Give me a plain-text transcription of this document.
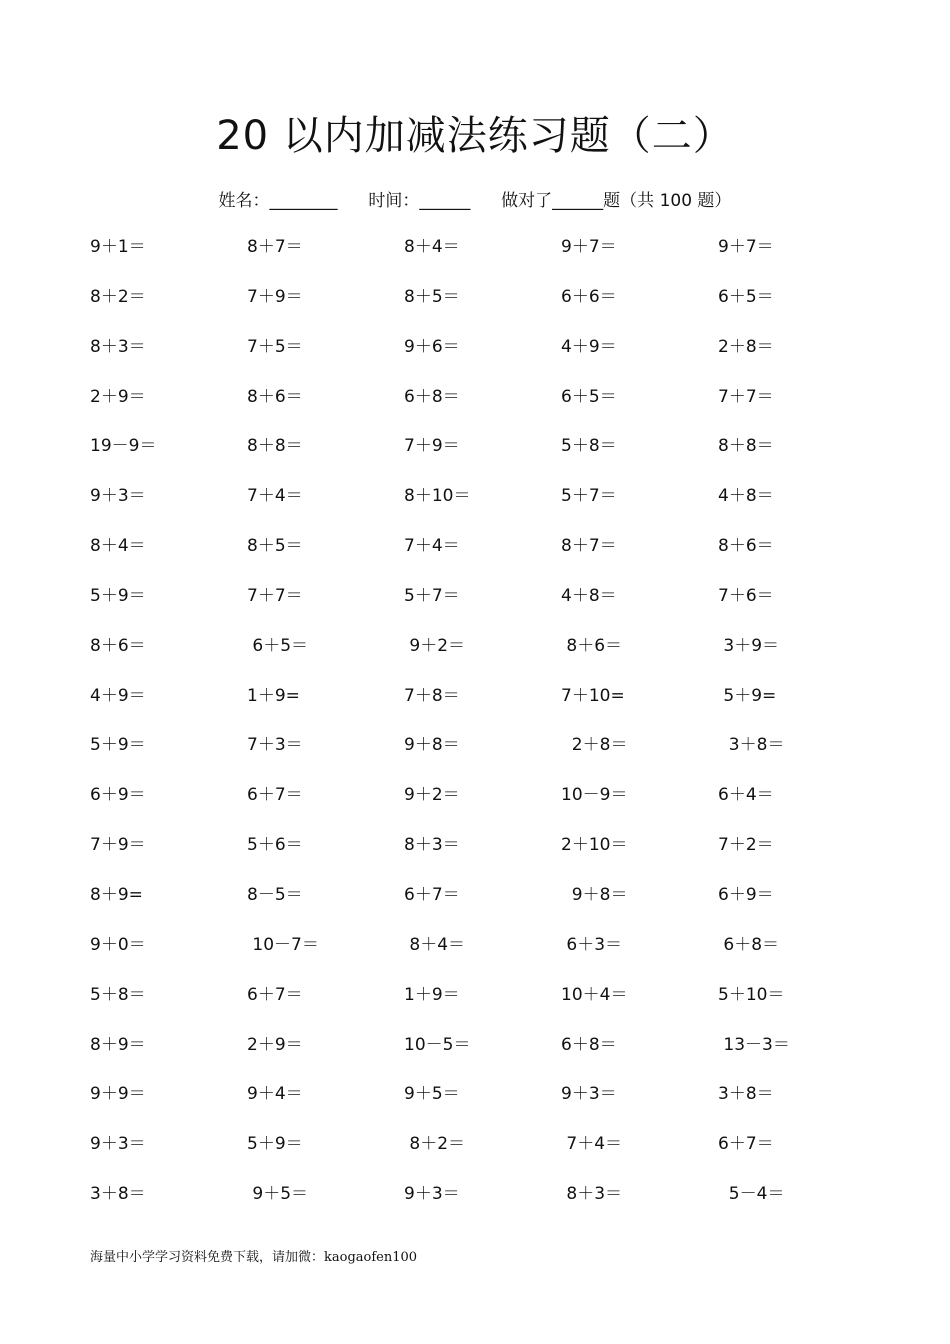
20 以内加减法练习题（二）
姓名：________ 时间：______ 做对了______题（共 100 题）
9＋1＝	8＋7＝	8＋4＝	9＋7＝	9＋7＝
8＋2＝	7＋9＝	8＋5＝	6＋6＝	6＋5＝
8＋3＝	7＋5＝	9＋6＝	4＋9＝	2＋8＝
2＋9＝	8＋6＝	6＋8＝	6＋5＝	7＋7＝
19－9＝	8＋8＝	7＋9＝	5＋8＝	8＋8＝
9＋3＝	7＋4＝	8＋10＝	5＋7＝	4＋8＝
8＋4＝	8＋5＝	7＋4＝	8＋7＝	8＋6＝
5＋9＝	7＋7＝	5＋7＝	4＋8＝	7＋6＝
8＋6＝	6＋5＝	9＋2＝	8＋6＝	3＋9＝
4＋9＝	1＋9=	7＋8＝	7＋10=	5＋9=
5＋9＝	7＋3＝	9＋8＝	2＋8＝	3＋8＝
6＋9＝	6＋7＝	9＋2＝	10－9＝	6＋4＝
7＋9＝	5＋6＝	8＋3＝	2＋10＝	7＋2＝
8＋9=	8－5＝	6＋7＝	9＋8＝	6＋9＝
9＋0＝	10－7＝	8＋4＝	6＋3＝	6＋8＝
5＋8＝	6＋7＝	1＋9＝	10＋4＝	5＋10＝
8＋9＝	2＋9＝	10－5＝	6＋8＝	13－3＝
9＋9＝	9＋4＝	9＋5＝	9＋3＝	3＋8＝
9＋3＝	5＋9＝	8＋2＝	7＋4＝	6＋7＝
3＋8＝	9＋5＝	9＋3＝	8＋3＝	5－4＝
海量中小学学习资料免费下载，请加微：kaogaofen100
